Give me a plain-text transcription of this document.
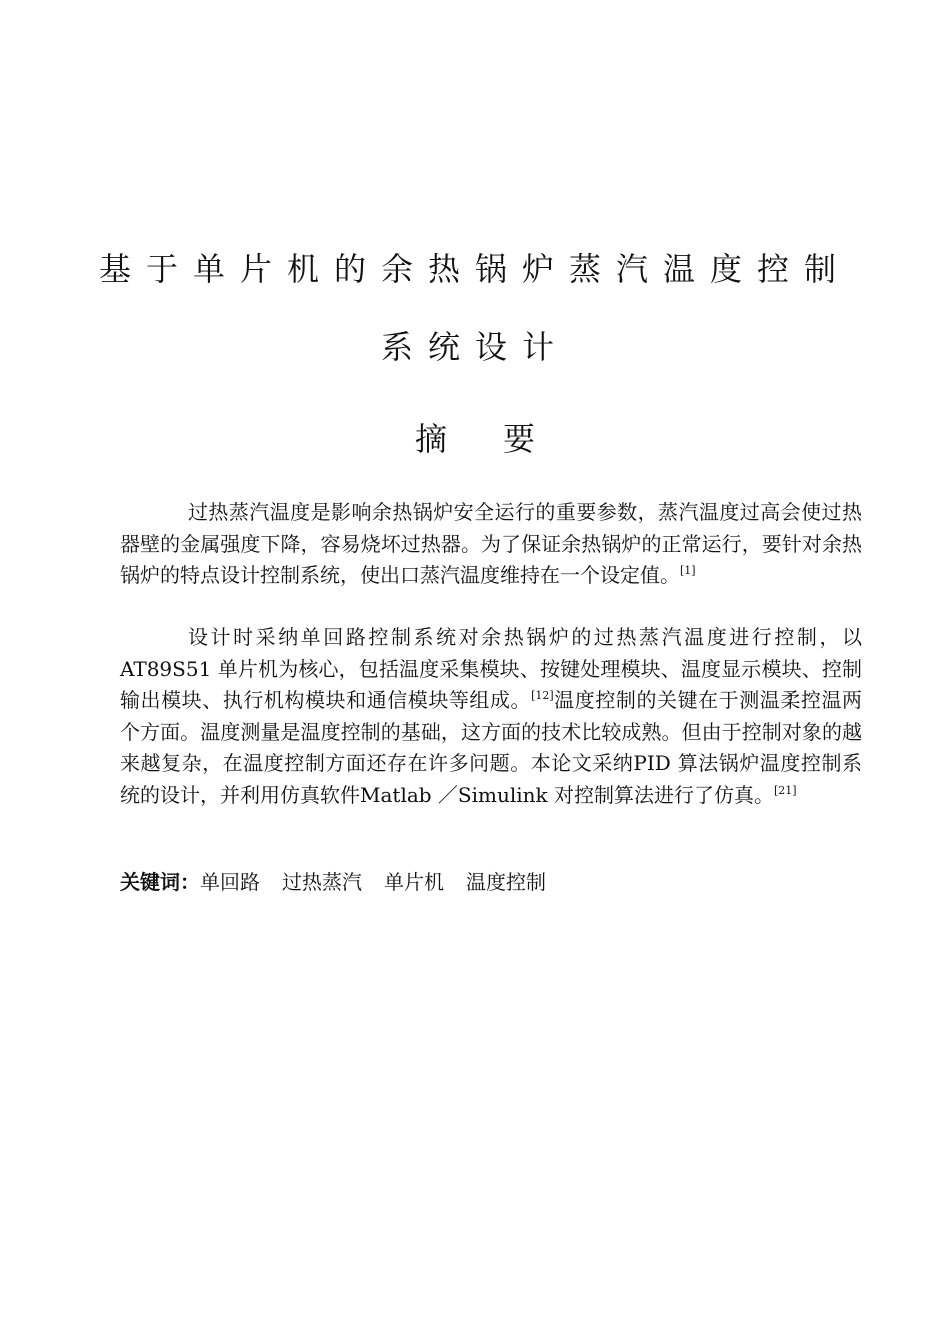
基于单片机的余热锅炉蒸汽温度控制
系统设计
摘 要

过热蒸汽温度是影响余热锅炉安全运行的重要参数，蒸汽温度过高会使过热器壁的金属强度下降，容易烧坏过热器。为了保证余热锅炉的正常运行，要针对余热锅炉的特点设计控制系统，使出口蒸汽温度维持在一个设定值。[1]

设计时采纳单回路控制系统对余热锅炉的过热蒸汽温度进行控制，以AT89S51 单片机为核心，包括温度采集模块、按键处理模块、温度显示模块、控制输出模块、执行机构模块和通信模块等组成。[12]温度控制的关键在于测温柔控温两个方面。温度测量是温度控制的基础，这方面的技术比较成熟。但由于控制对象的越来越复杂，在温度控制方面还存在许多问题。本论文采纳PID 算法锅炉温度控制系统的设计，并利用仿真软件Matlab ／Simulink 对控制算法进行了仿真。[21]

关键词：单回路 过热蒸汽 单片机 温度控制
